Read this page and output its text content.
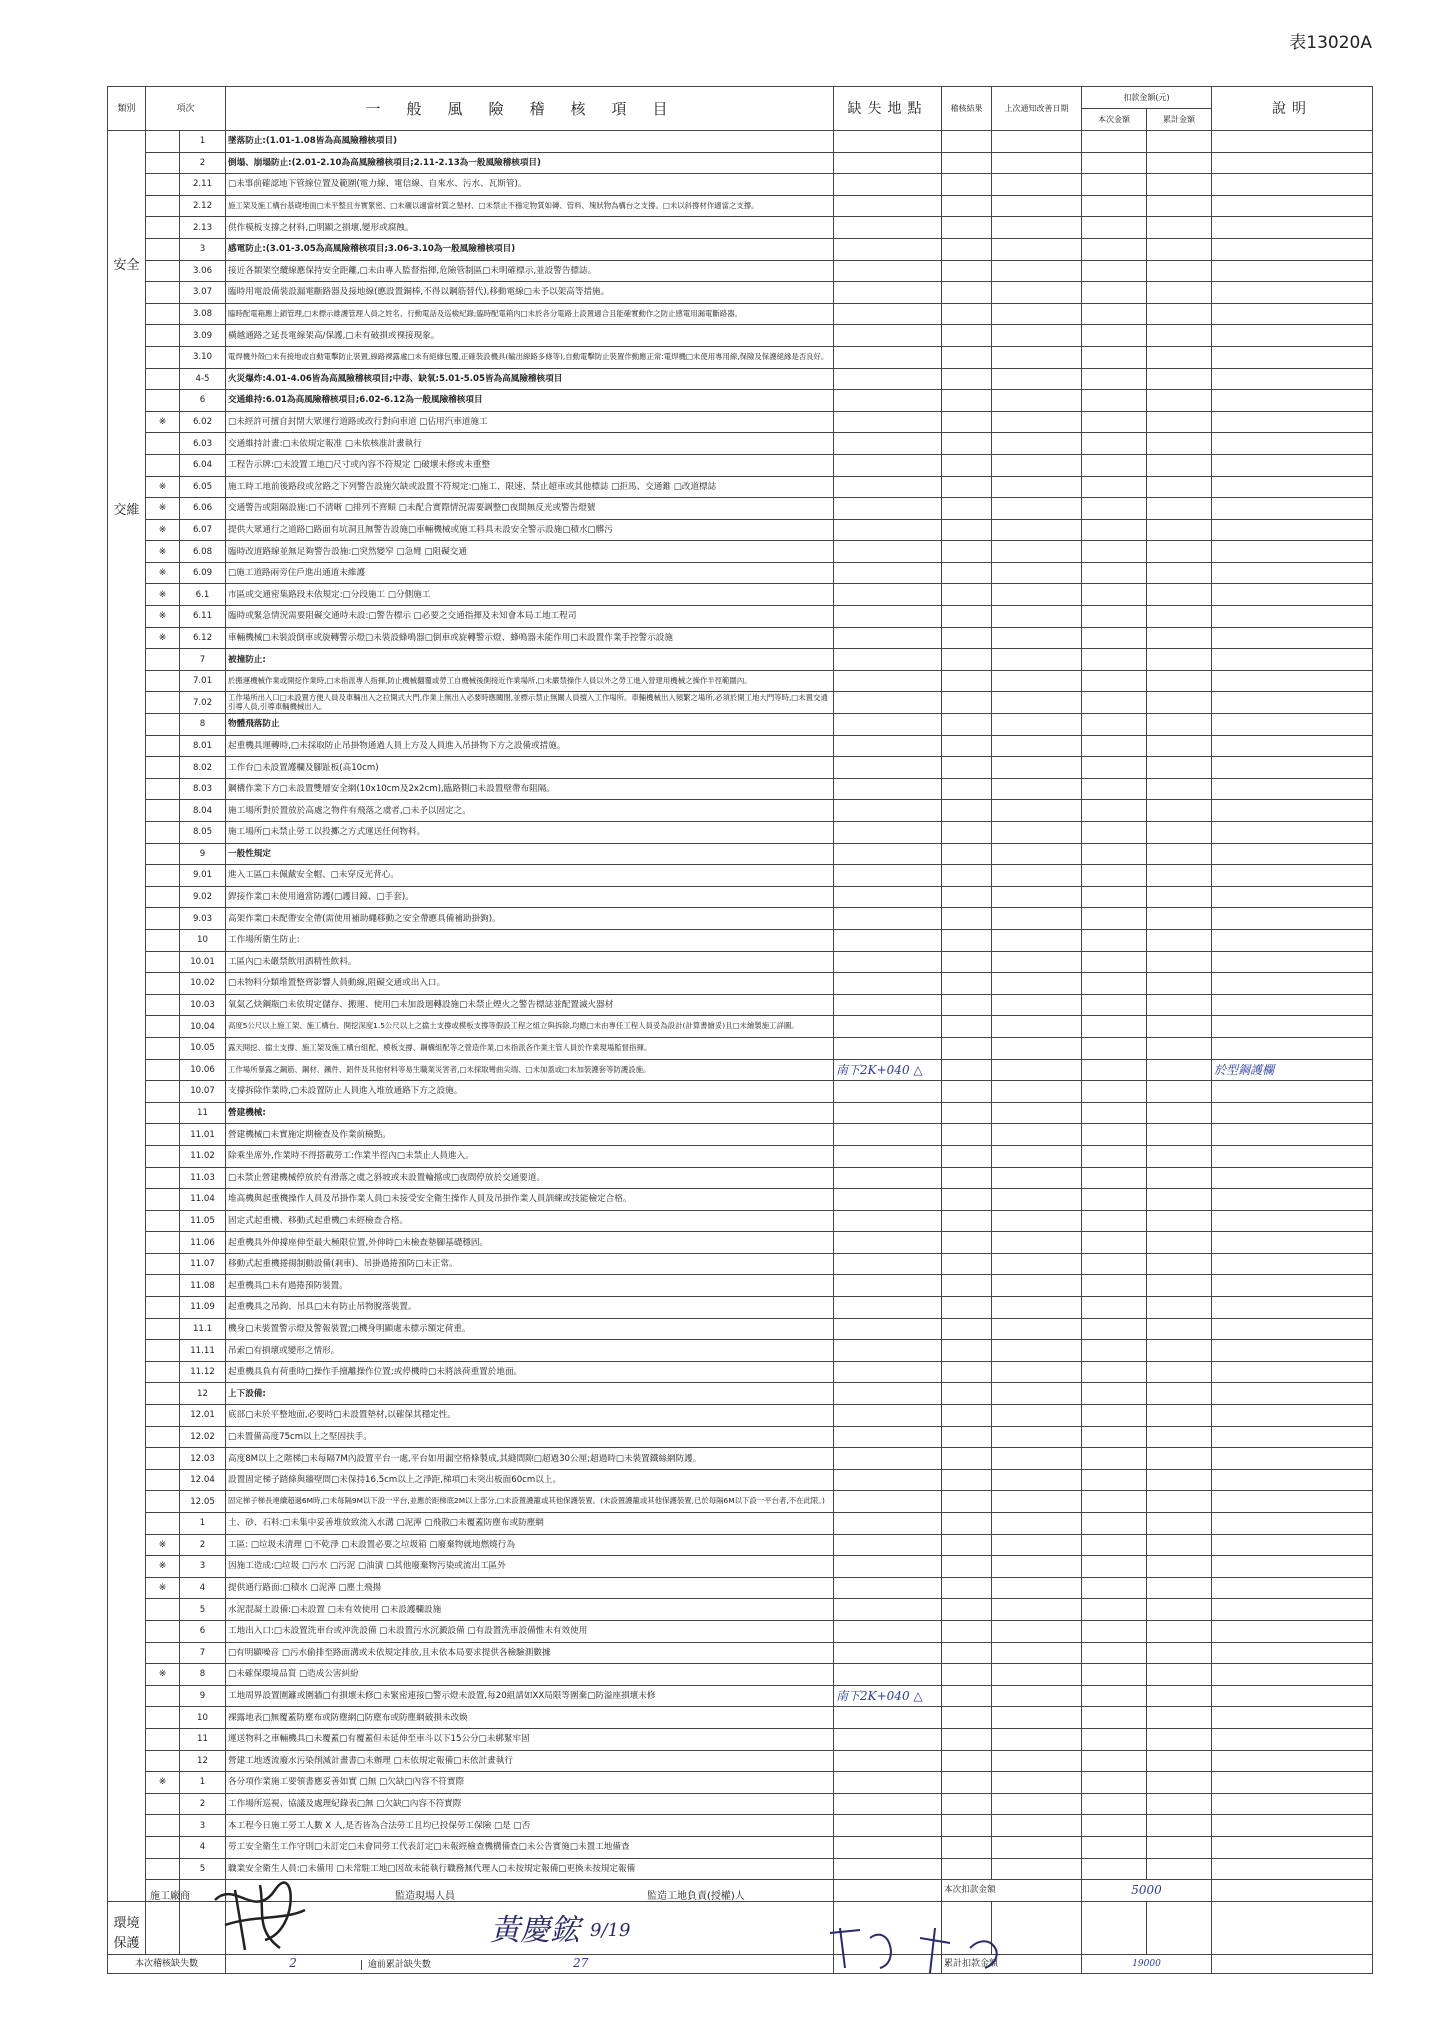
表13020A
類別	項次		一般風險稽核項目	缺失地點	稽核結果	上次通知改善日期	扣款金額(元)		說明
							本次金額	累計金額	
安全交維		1	墜落防止:(1.01-1.08皆為高風險稽核項目)						
		2	倒塌、崩塌防止:(2.01-2.10為高風險稽核項目;2.11-2.13為一般風險稽核項目)						
		2.11	□未事前確認地下管線位置及範圍(電力線、電信線、自來水、污水、瓦斯管)。						
		2.12	施工架及施工構台基礎地面□未平整且夯實緊密、□未襯以適當材質之墊材、□未禁止不穩定物質如磚、管料、塊狀物為構台之支撐。□未以斜撐材作適當之支撐。						
		2.13	供作模板支撐之材料,□明顯之損壞,變形或腐蝕。						
		3	感電防止:(3.01-3.05為高風險稽核項目;3.06-3.10為一般風險稽核項目)						
		3.06	接近各類架空纜線應保持安全距離,□未由專人監督指揮,危險管制區□未明確標示,並設警告標誌。						
		3.07	臨時用電設備裝設漏電斷路器及接地線(應設置銅棒,不得以鋼筋替代),移動電線□未予以架高等措施。						
		3.08	臨時配電箱應上鎖管理,□未標示維護管理人員之姓名、行動電話及巡檢紀錄;臨時配電箱內□未於各分電路上設置適合且能確實動作之防止感電用漏電斷路器。						
		3.09	橫越通路之延長電線架高/保護,□未有破損或裸接現象。						
		3.10	電焊機外殼□未有接地或自動電擊防止裝置,線路裸露處□未有絕緣包覆,正確裝設機具(輸出線路多條等),自動電擊防止裝置作動應正常:電焊機□未使用專用線,保險及保護絕緣是否良好。						
		4-5	火災爆炸:4.01-4.06皆為高風險稽核項目;中毒、缺氧:5.01-5.05皆為高風險稽核項目						
		6	交通維持:6.01為高風險稽核項目;6.02-6.12為一般風險稽核項目						
	※	6.02	□未經許可擅自封閉大眾運行道路或改行對向車道 □佔用汽車道施工						
		6.03	交通維持計畫:□未依規定報准 □未依核准計畫執行						
		6.04	工程告示牌:□未設置工地□尺寸或內容不符規定 □破壞未修或未重整						
	※	6.05	施工時工地前後路段或岔路之下列警告設施欠缺或設置不符規定:□施工、限速、禁止超車或其他標誌 □拒馬、交通錐 □改道標誌						
	※	6.06	交通警告或阻隔設施:□不清晰 □排列不齊順 □未配合實際情況需要調整□夜間無反光或警告燈號						
	※	6.07	提供大眾通行之道路□路面有坑洞且無警告設施□車輛機械或施工料具未設安全警示設施□積水□髒污						
	※	6.08	臨時改道路線並無足夠警告設施:□突然變窄 □急彎 □阻礙交通						
	※	6.09	□施工道路兩旁住戶進出通道未維護						
	※	6.1	市區或交通密集路段未依規定:□分段施工 □分側施工						
	※	6.11	臨時或緊急情況需要阻礙交通時未設:□警告標示 □必要之交通指揮及未知會本局工地工程司						
	※	6.12	車輛機械□未裝設倒車或旋轉警示燈□未裝設蜂鳴器□倒車或旋轉警示燈、蜂鳴器未能作用□未設置作業手控警示設施						
		7	被撞防止:						
		7.01	於搬運機械作業或開挖作業時,□未指派專人指揮,防止機械翻覆或勞工自機械後側接近作業場所,□未嚴禁操作人員以外之勞工進入營建用機械之操作半徑範圍內。						
		7.02	工作場所出入口□未設置方便人員及車輛出入之拉開式大門,作業上無出入必要時應關閉,並標示禁止無關人員擅入工作場所。車輛機械出入頻繁之場所,必須於開工地大門等時,□未置交通引導人員,引導車輛機械出入。						
		8	物體飛落防止						
		8.01	起重機具運轉時,□未採取防止吊掛物通過人員上方及人員進入吊掛物下方之設備或措施。						
		8.02	工作台□未設置護欄及腳趾板(高10cm)						
		8.03	鋼構作業下方□未設置雙層安全網(10x10cm及2x2cm),臨路側□未設置壁帶布阻隔。						
		8.04	施工場所對於置放於高處之物件有飛落之虞者,□未予以固定之。						
		8.05	施工場所□未禁止勞工以投擲之方式運送任何物料。						
		9	一般性規定						
		9.01	進入工區□未佩戴安全帽、□未穿反光背心。						
		9.02	銲接作業□未使用適當防護(□護目鏡、□手套)。						
		9.03	高架作業□未配帶安全帶(需使用補助繩移動之安全帶應具備補助掛鉤)。						
		10	工作場所衛生防止:						
		10.01	工區內□未嚴禁飲用酒精性飲料。						
		10.02	□未物料分類堆置整齊影響人員動線,阻礙交通或出入口。						
		10.03	氧氣乙炔鋼瓶□未依規定儲存、搬運、使用□未加設迴轉設施□未禁止煙火之警告標誌並配置滅火器材						
		10.04	高度5公尺以上施工架、施工構台、開挖深度1.5公尺以上之擋土支撐或模板支撐等假設工程之組立與拆除,均應□未由專任工程人員妥為設計(計算書繪妥)且□未繪製施工詳圖。						
		10.05	露天開挖、擋土支撐、施工架及施工構台組配、模板支撐、鋼構組配等之營造作業,□未指派各作業主管人員於作業現場監督指揮。						
		10.06	工作場所暴露之鋼筋、鋼材、鐵件、鋁件及其他材料等易生職業災害者,□未採取彎曲尖端、□未加蓋或□未加裝護套等防護設施。	南下2K+040 △					於型鋼護欄
		10.07	支撐拆除作業時,□未設置防止人員進入堆放通路下方之設施。						
		11	營建機械:						
		11.01	營建機械□未實施定期檢查及作業前檢點。						
		11.02	除乘坐席外,作業時不得搭載勞工:作業半徑內□未禁止人員進入。						
		11.03	□未禁止營建機械停放於有滑落之虞之斜坡或未設置輪擋或□夜間停放於交通要道。						
		11.04	堆高機與起重機操作人員及吊掛作業人員□未接受安全衛生操作人員及吊掛作業人員訓練或技能檢定合格。						
		11.05	固定式起重機、移動式起重機□未經檢查合格。						
		11.06	起重機具外伸撐座伸至最大極限位置,外伸時□未檢查墊腳基礎穩固。						
		11.07	移動式起重機捲揚制動設備(剎車)、吊掛過捲預防□未正常。						
		11.08	起重機具□未有過捲預防裝置。						
		11.09	起重機具之吊鉤、吊具□未有防止吊物脫落裝置。						
		11.1	機身□未裝置警示燈及警報裝置;□機身明顯處未標示額定荷重。						
		11.11	吊索□有損壞或變形之情形。						
		11.12	起重機具負有荷重時□操作手擅離操作位置;或停機時□未將該荷重置於地面。						
		12	上下設備:						
		12.01	底部□未於平整地面,必要時□未設置墊材,以確保其穩定性。						
		12.02	□未置備高度75cm以上之堅固扶手。						
		12.03	高度8M以上之階梯□未每隔7M內設置平台一處,平台如用漏空格條製成,其縫間隙□超過30公厘;超過時□未裝置鐵絲網防護。						
		12.04	設置固定梯子踏條與牆壁間□未保持16.5cm以上之淨距,梯項□未突出板面60cm以上。						
		12.05	固定梯子梯長連續超過6M時,□未每隔9M以下設一平台,並應於距梯底2M以上部分,□未設置護籠或其他保護裝置。(未設置護籠或其他保護裝置,已於每隔6M以下設一平台者,不在此限。)						
		1	土、砂、石料:□未集中妥善堆放致流入水溝 □泥濘 □飛散□未覆蓋防塵布或防塵網						
	※	2	工區: □垃圾未清理 □不乾淨 □未設置必要之垃圾箱 □廢棄物就地燃燒行為						
	※	3	因施工造成:□垃圾 □污水 □污泥 □油漬 □其他廢棄物污染或流出工區外						
	※	4	提供通行路面:□積水 □泥濘 □塵土飛揚						
		5	水泥混凝土設備:□未設置 □未有效使用 □未設護欄設施						
		6	工地出入口:□未設置洗車台或沖洗設備 □未設置污水沉澱設備 □有設置洗車設備惟未有效使用						
		7	□有明顯噪音 □污水偷排至路面溝或未依規定排放,且未依本局要求提供各檢驗測數據						
	※	8	□未確保環境品質 □造成公害糾紛						
		9	工地周界設置圍籬或圍牆□有損壞未修□未緊密連接□警示燈未設置,每20組請如XX局限等圍棄□防溢座損壞未修	南下2K+040 △					
		10	裸露地表□無覆蓋防塵布或防塵網□防塵布或防塵網破損未改煥						
		11	運送物料之車輛機具□未覆蓋□有覆蓋但未延伸至車斗以下15公分□未綁緊牢固						
		12	營建工地透流廢水污染削減計畫書□未辦理 □未依規定報備□未依計畫執行						
	※	1	各分項作業施工要領書應妥善如實 □無 □欠缺□內容不符實際						
		2	工作場所巡視、協議及處理紀錄表□無 □欠缺□內容不符實際						
		3	本工程今日施工勞工人數 X 人,是否皆為合法勞工且均已投保勞工保險 □是 □否						
		4	勞工安全衛生工作守則□未訂定□未會同勞工代表訂定□未報經檢查機構備查□未公告實施□未置工地備查						
		5	職業安全衛生人員:□未備用 □未常駐工地□因故未能執行職務無代理人□未按規定報備□更換未按規定報備						
					本次扣款金額		5000		
環境保護									
本次稽核缺失數			2 逾前累計缺失數 27		累計扣款金額		19000		
施工廠商	監造現場人員	監造工地負責(授權)人
黃慶鋐 9/19
